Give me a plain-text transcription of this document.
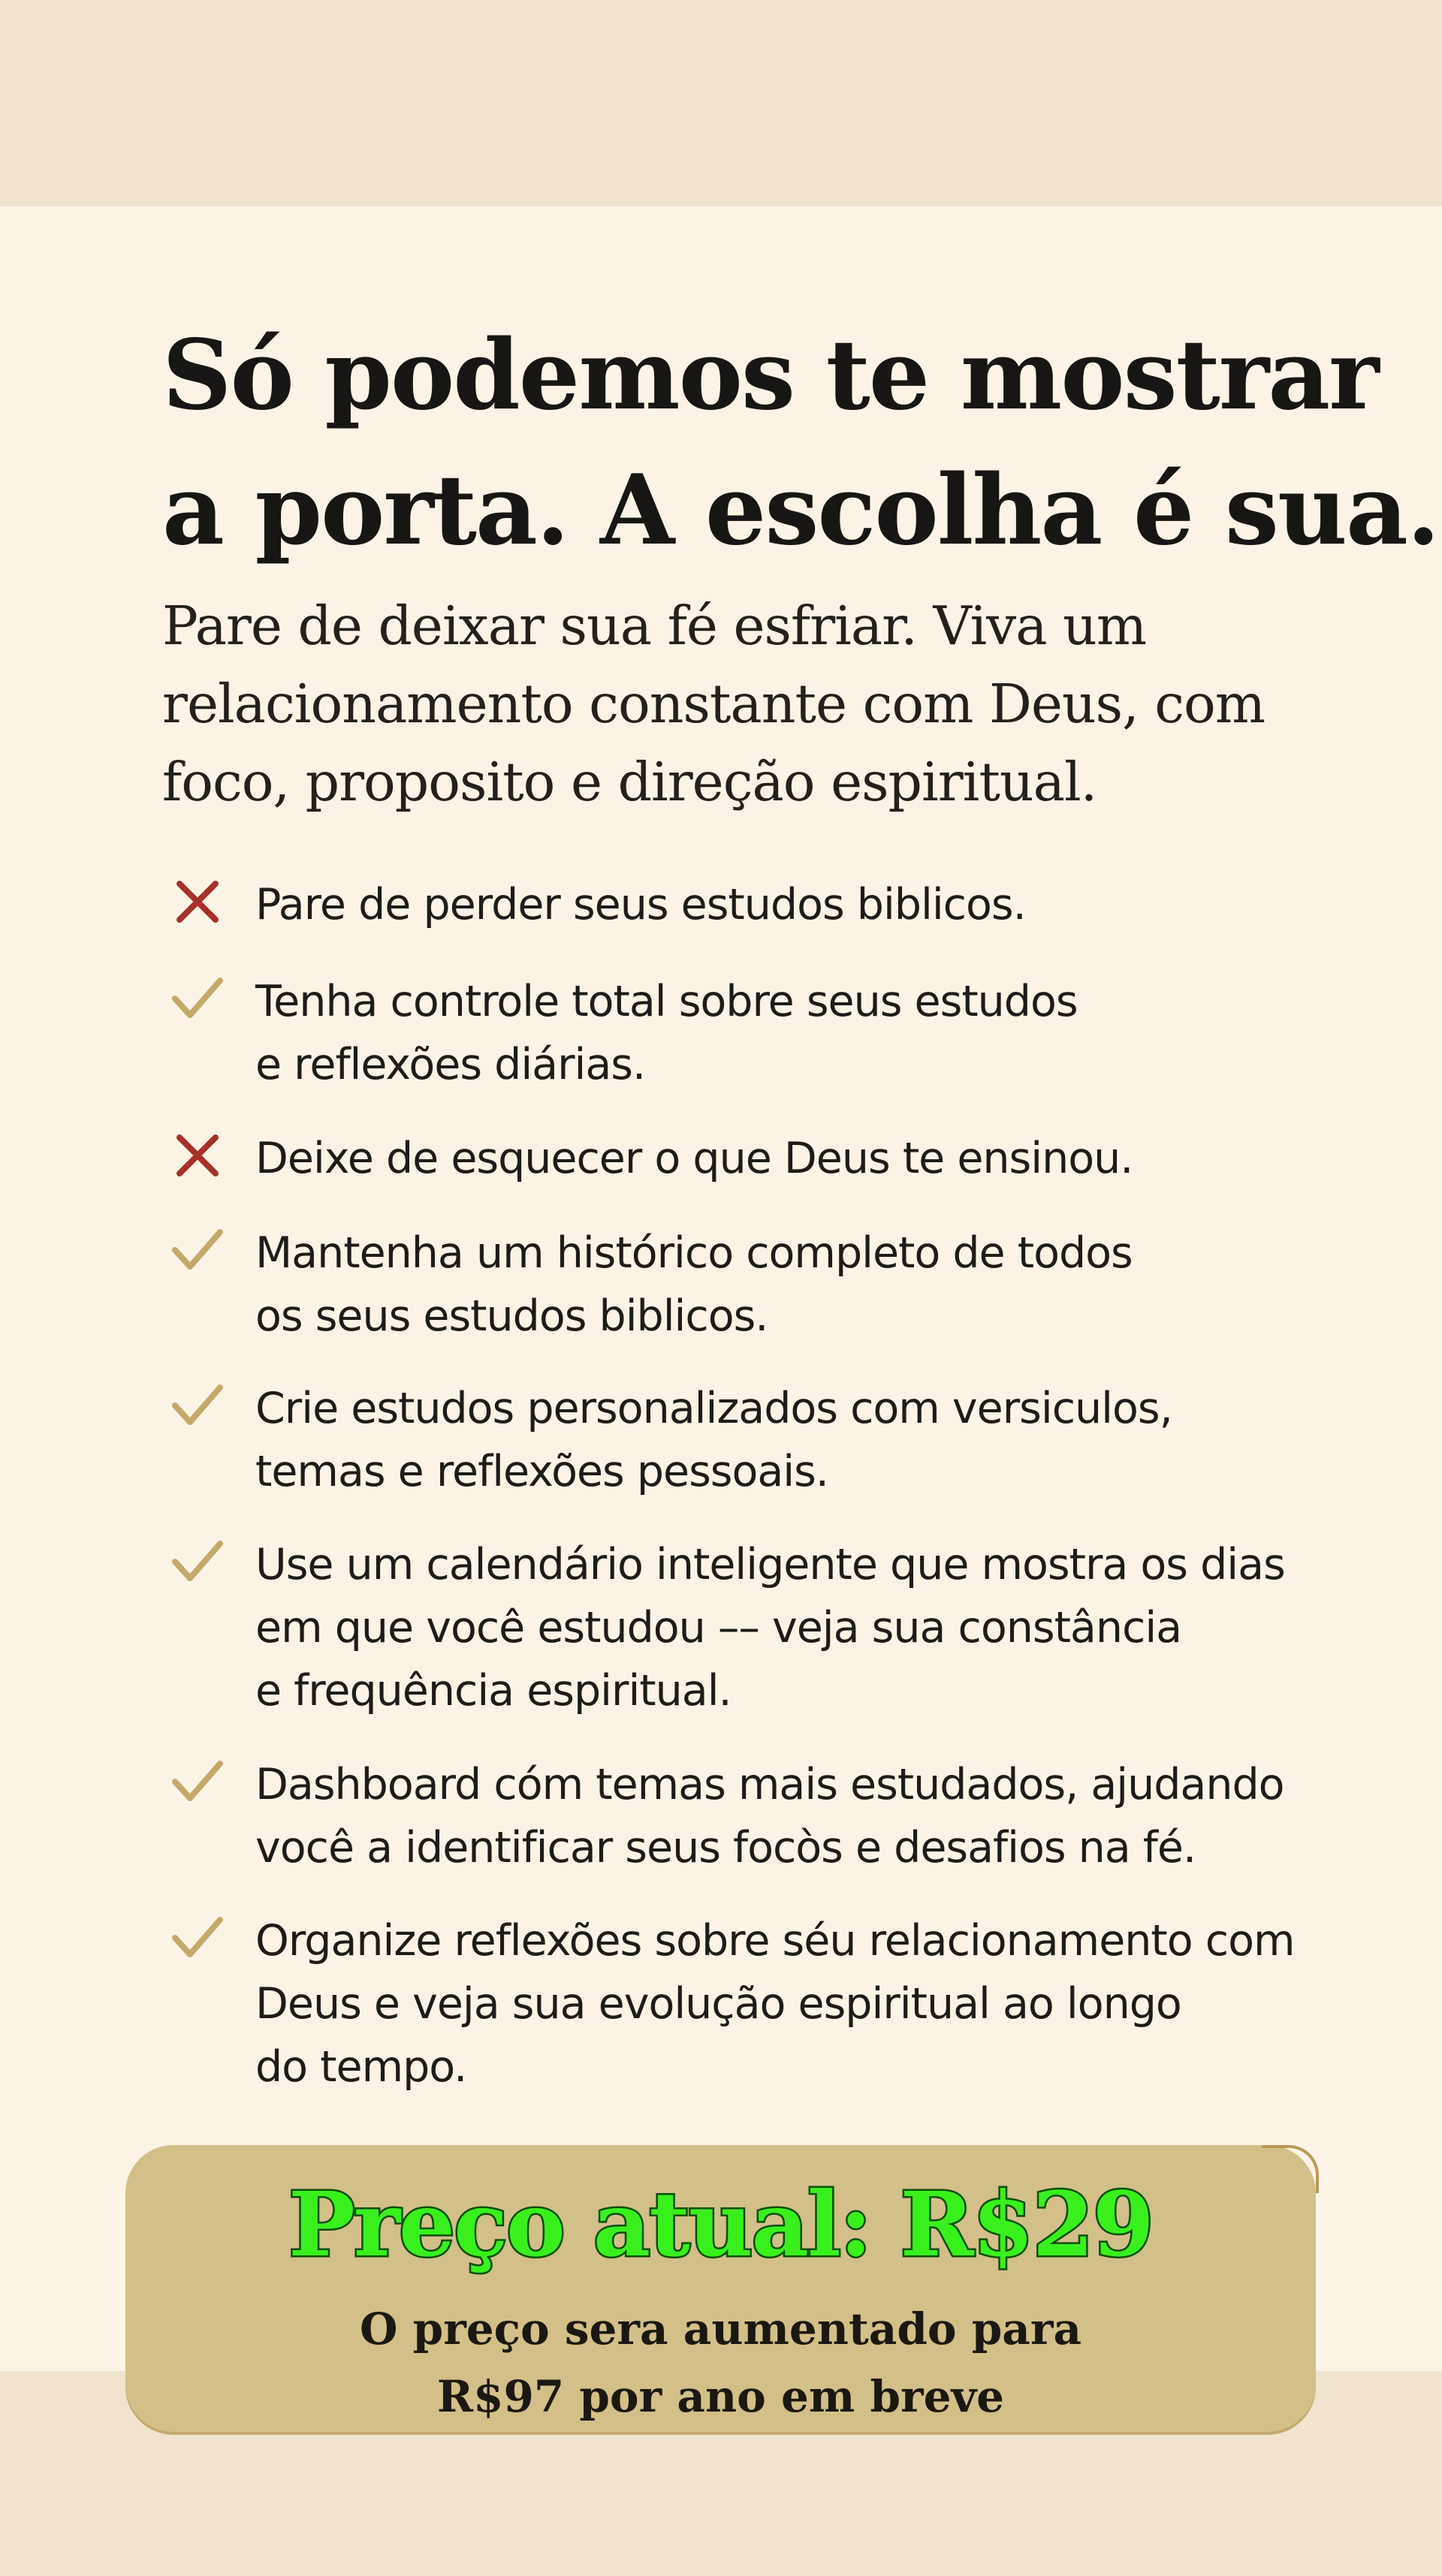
Só podemos te mostrar
a porta. A escolha é sua.

Pare de deixar sua fé esfriar. Viva um
relacionamento constante com Deus, com
foco, proposito e direção espiritual.

Pare de perder seus estudos biblicos.
Tenha controle total sobre seus estudos
e reflexões diárias.
Deixe de esquecer o que Deus te ensinou.
Mantenha um histórico completo de todos
os seus estudos biblicos.
Crie estudos personalizados com versiculos,
temas e reflexões pessoais.
Use um calendário inteligente que mostra os dias
em que você estudou –– veja sua constância
e frequência espiritual.
Dashboard cóm temas mais estudados, ajudando
você a identificar seus focòs e desafios na fé.
Organize reflexões sobre séu relacionamento com
Deus e veja sua evolução espiritual ao longo
do tempo.

Preço atual: R$29

O preço sera aumentado para
R$97 por ano em breve
